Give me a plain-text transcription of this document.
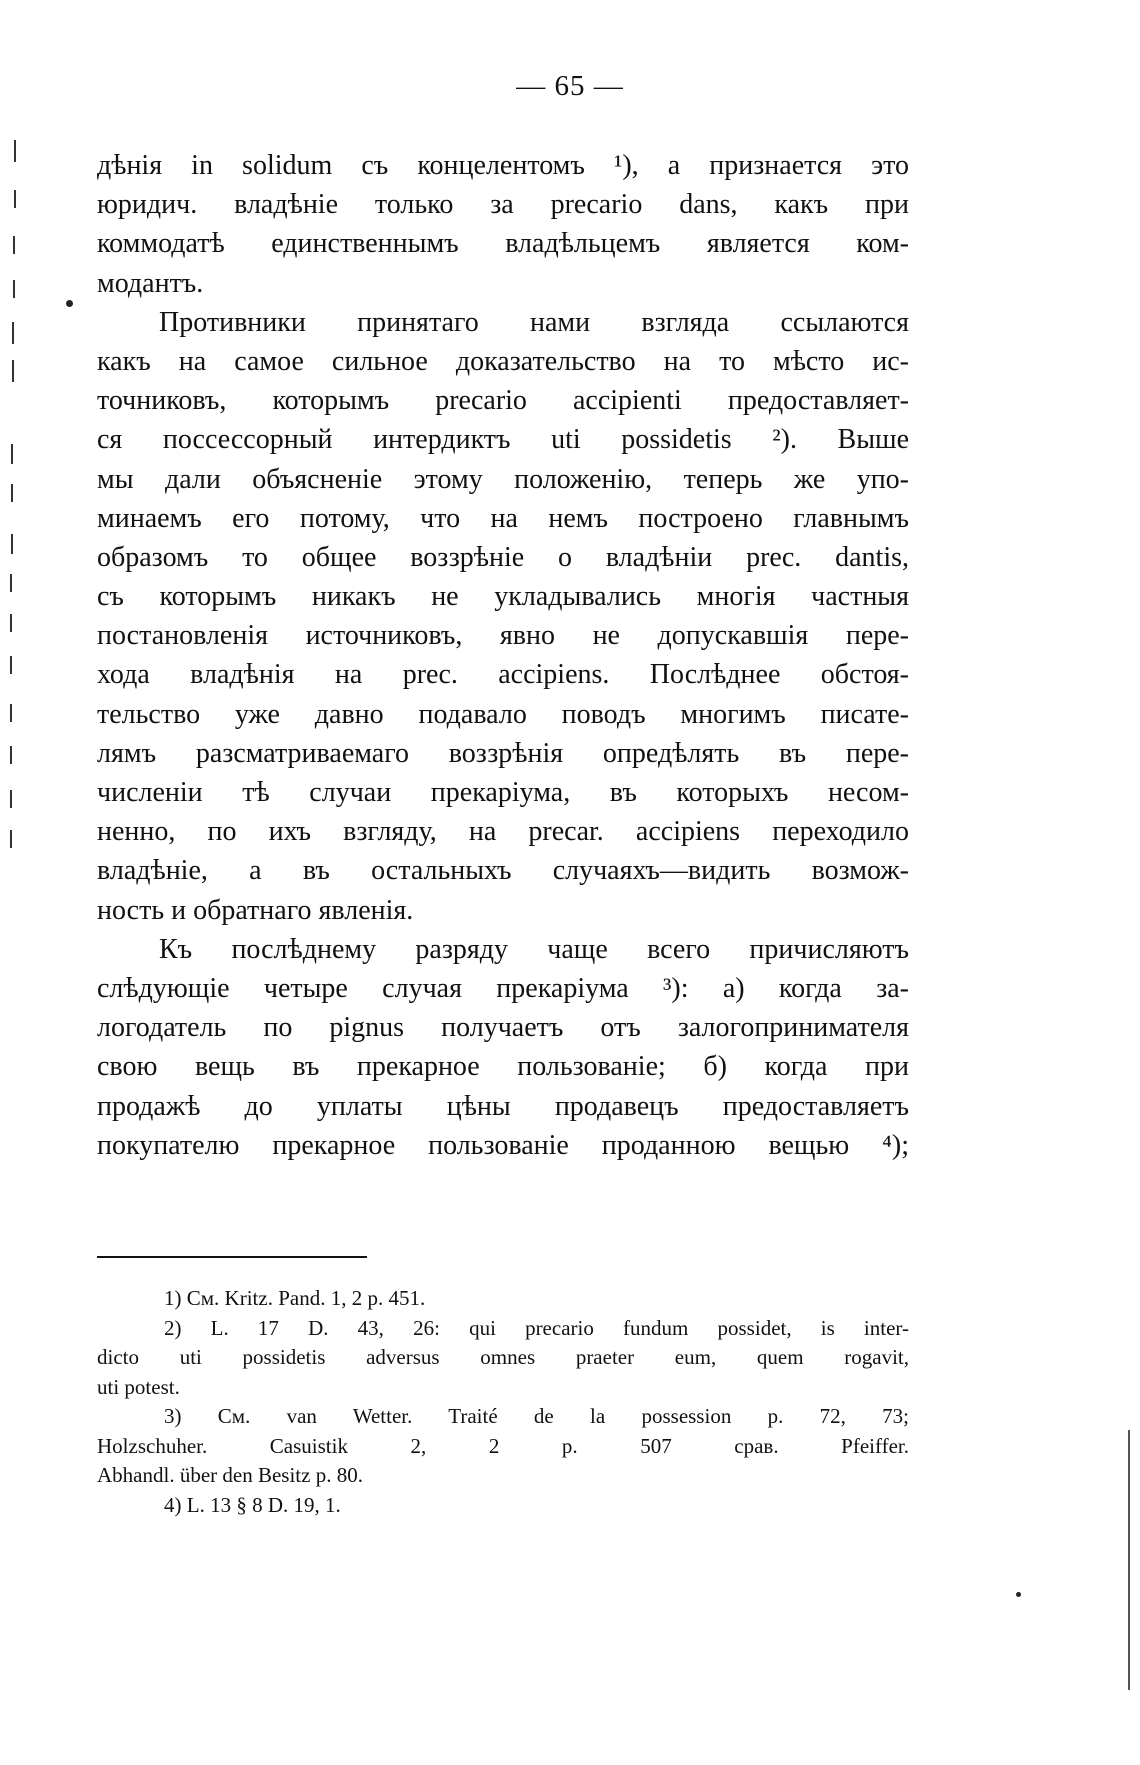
— 65 —
дѣнія in solidum съ концелентомъ ¹), а признается это
юридич. владѣніе только за precario dans, какъ при
коммодатѣ единственнымъ владѣльцемъ является ком-
модантъ.
Противники принятаго нами взгляда ссылаются
какъ на самое сильное доказательство на то мѣсто ис-
точниковъ, которымъ precario accipienti предоставляет-
ся поссессорный интердиктъ uti possidetis ²). Выше
мы дали объясненіе этому положенію, теперь же упо-
минаемъ его потому, что на немъ построено главнымъ
образомъ то общее воззрѣніе о владѣніи prec. dantis,
съ которымъ никакъ не укладывались многія частныя
постановленія источниковъ, явно не допускавшія пере-
хода владѣнія на prec. accipiens. Послѣднее обстоя-
тельство уже давно подавало поводъ многимъ писате-
лямъ разсматриваемаго воззрѣнія опредѣлять въ пере-
численіи тѣ случаи прекаріума, въ которыхъ несом-
ненно, по ихъ взгляду, на precar. accipiens переходило
владѣніе, а въ остальныхъ случаяхъ—видить возмож-
ность и обратнаго явленія.
Къ послѣднему разряду чаще всего причисляютъ
слѣдующіе четыре случая прекаріума ³): а) когда за-
логодатель по pignus получаетъ отъ залогопринимателя
свою вещь въ прекарное пользованіе; б) когда при
продажѣ до уплаты цѣны продавецъ предоставляетъ
покупателю прекарное пользованіе проданною вещью ⁴);
1) См. Kritz. Pand. 1, 2 p. 451.
2) L. 17 D. 43, 26: qui precario fundum possidet, is inter-
dicto uti possidetis adversus omnes praeter eum, quem rogavit,
uti potest.
3) См. van Wetter. Traité de la possession p. 72, 73;
Holzschuher. Casuistik 2, 2 p. 507 срав. Pfeiffer.
Abhandl. über den Besitz p. 80.
4) L. 13 § 8 D. 19, 1.
